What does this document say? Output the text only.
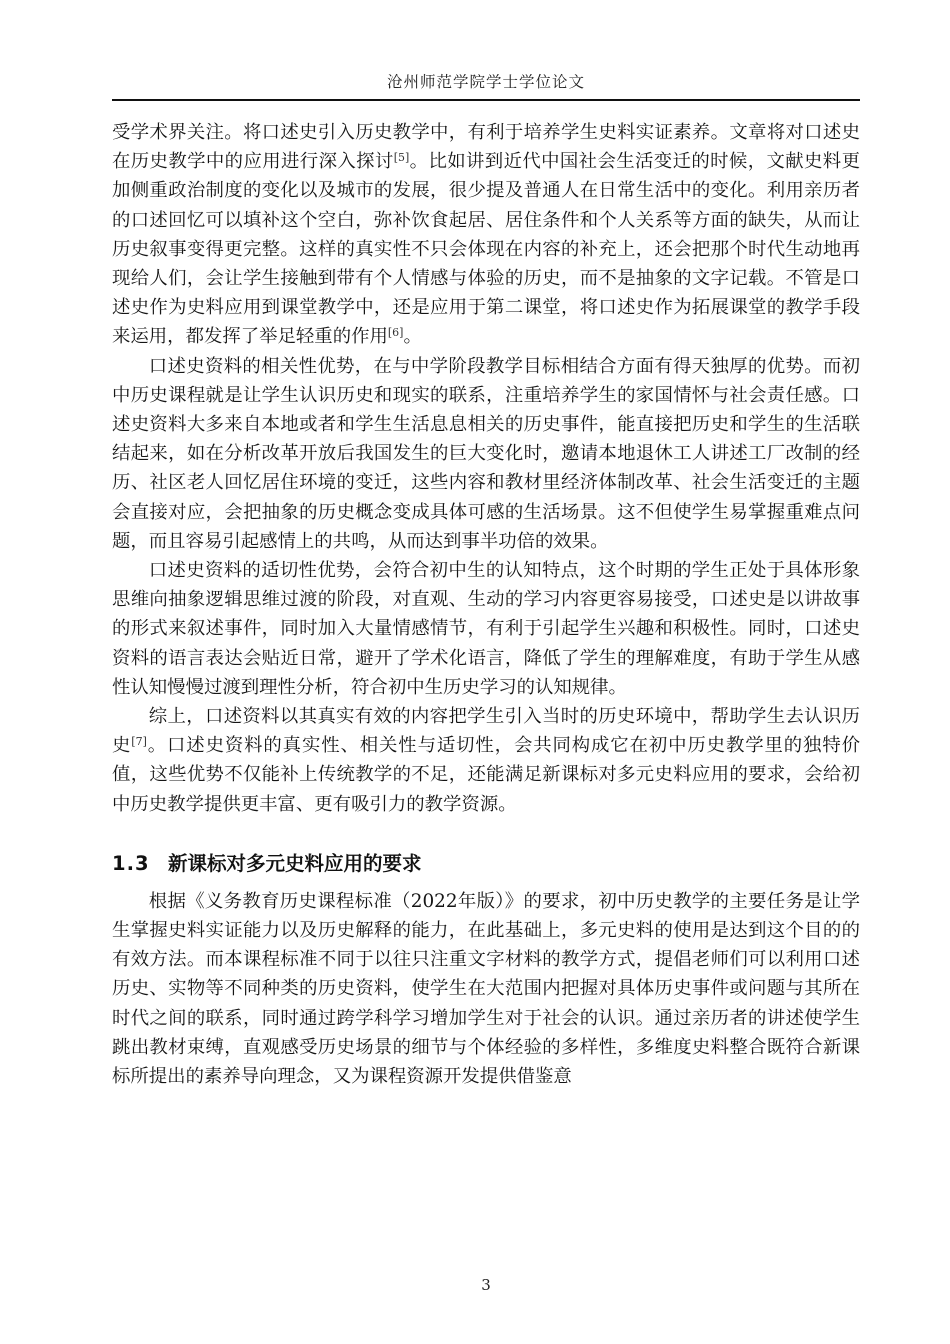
沧州师范学院学士学位论文

受学术界关注。将口述史引入历史教学中，有利于培养学生史料实证素养。文章将对口述史在历史教学中的应用进行深入探讨[5]。比如讲到近代中国社会生活变迁的时候，文献史料更加侧重政治制度的变化以及城市的发展，很少提及普通人在日常生活中的变化。利用亲历者的口述回忆可以填补这个空白，弥补饮食起居、居住条件和个人关系等方面的缺失，从而让历史叙事变得更完整。这样的真实性不只会体现在内容的补充上，还会把那个时代生动地再现给人们，会让学生接触到带有个人情感与体验的历史，而不是抽象的文字记载。不管是口述史作为史料应用到课堂教学中，还是应用于第二课堂，将口述史作为拓展课堂的教学手段来运用，都发挥了举足轻重的作用[6]。

口述史资料的相关性优势，在与中学阶段教学目标相结合方面有得天独厚的优势。而初中历史课程就是让学生认识历史和现实的联系，注重培养学生的家国情怀与社会责任感。口述史资料大多来自本地或者和学生生活息息相关的历史事件，能直接把历史和学生的生活联结起来，如在分析改革开放后我国发生的巨大变化时，邀请本地退休工人讲述工厂改制的经历、社区老人回忆居住环境的变迁，这些内容和教材里经济体制改革、社会生活变迁的主题会直接对应，会把抽象的历史概念变成具体可感的生活场景。这不但使学生易掌握重难点问题，而且容易引起感情上的共鸣，从而达到事半功倍的效果。

口述史资料的适切性优势，会符合初中生的认知特点，这个时期的学生正处于具体形象思维向抽象逻辑思维过渡的阶段，对直观、生动的学习内容更容易接受，口述史是以讲故事的形式来叙述事件，同时加入大量情感情节，有利于引起学生兴趣和积极性。同时，口述史资料的语言表达会贴近日常，避开了学术化语言，降低了学生的理解难度，有助于学生从感性认知慢慢过渡到理性分析，符合初中生历史学习的认知规律。

综上，口述资料以其真实有效的内容把学生引入当时的历史环境中，帮助学生去认识历史[7]。口述史资料的真实性、相关性与适切性，会共同构成它在初中历史教学里的独特价值，这些优势不仅能补上传统教学的不足，还能满足新课标对多元史料应用的要求，会给初中历史教学提供更丰富、更有吸引力的教学资源。

1.3 新课标对多元史料应用的要求

根据《义务教育历史课程标准（2022年版）》的要求，初中历史教学的主要任务是让学生掌握史料实证能力以及历史解释的能力，在此基础上，多元史料的使用是达到这个目的的有效方法。而本课程标准不同于以往只注重文字材料的教学方式，提倡老师们可以利用口述历史、实物等不同种类的历史资料，使学生在大范围内把握对具体历史事件或问题与其所在时代之间的联系，同时通过跨学科学习增加学生对于社会的认识。通过亲历者的讲述使学生跳出教材束缚，直观感受历史场景的细节与个体经验的多样性，多维度史料整合既符合新课标所提出的素养导向理念，又为课程资源开发提供借鉴意

3
